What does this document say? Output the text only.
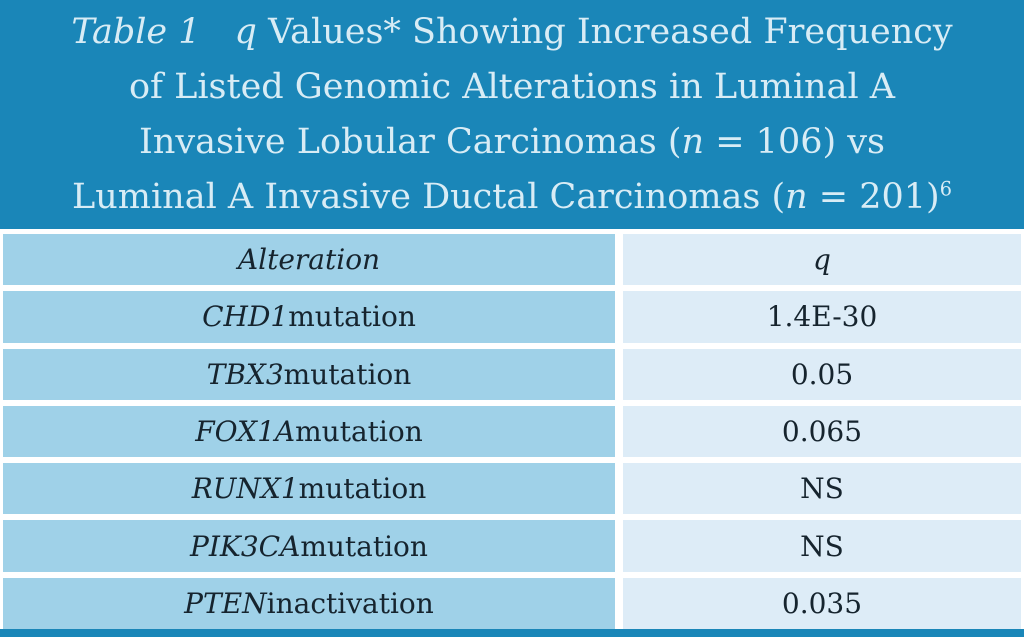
Table 1 q Values* Showing Increased Frequency
of Listed Genomic Alterations in Luminal A
Invasive Lobular Carcinomas (n = 106) vs
Luminal A Invasive Ductal Carcinomas (n = 201)$^6$
Alteration	q
CHD1 mutation	1.4E-30
TBX3 mutation	0.05
FOX1A mutation	0.065
RUNX1 mutation	NS
PIK3CA mutation	NS
PTEN inactivation	0.035
